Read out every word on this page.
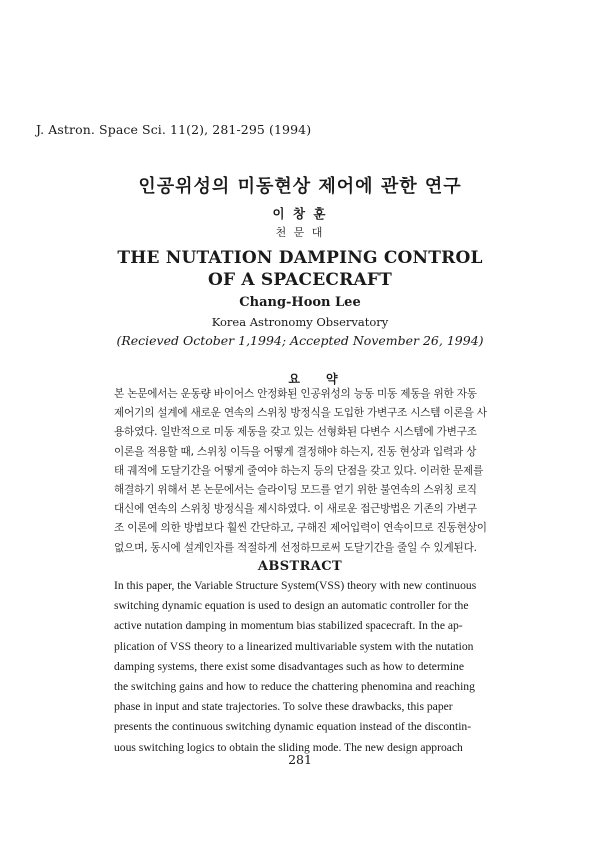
J. Astron. Space Sci. 11(2), 281-295 (1994)
인공위성의 미동현상 제어에 관한 연구
이 창 훈
천 문 대
THE NUTATION DAMPING CONTROL
OF A SPACECRAFT
Chang-Hoon Lee
Korea Astronomy Observatory
(Recieved October 1,1994; Accepted November 26, 1994)
요약
본 논문에서는 운동량 바이어스 안정화된 인공위성의 능동 미동 제동을 위한 자동
제어기의 설계에 새로운 연속의 스위칭 방정식을 도입한 가변구조 시스템 이론을 사
용하였다. 일반적으로 미동 제동을 갖고 있는 선형화된 다변수 시스템에 가변구조
이론을 적용할 때, 스위칭 이득을 어떻게 결정해야 하는지, 진동 현상과 입력과 상
태 궤적에 도달기간을 어떻게 줄여야 하는지 등의 단점을 갖고 있다. 이러한 문제를
해결하기 위해서 본 논문에서는 슬라이딩 모드를 얻기 위한 불연속의 스위칭 로직
대신에 연속의 스위칭 방정식을 제시하였다. 이 새로운 접근방법은 기존의 가변구
조 이론에 의한 방법보다 훨씬 간단하고, 구해진 제어입력이 연속이므로 진동현상이
없으며, 동시에 설계인자를 적절하게 선정하므로써 도달기간을 줄일 수 있게된다.
ABSTRACT
In this paper, the Variable Structure System(VSS) theory with new continuous
switching dynamic equation is used to design an automatic controller for the
active nutation damping in momentum bias stabilized spacecraft. In the ap-
plication of VSS theory to a linearized multivariable system with the nutation
damping systems, there exist some disadvantages such as how to determine
the switching gains and how to reduce the chattering phenomina and reaching
phase in input and state trajectories. To solve these drawbacks, this paper
presents the continuous switching dynamic equation instead of the discontin-
uous switching logics to obtain the sliding mode. The new design approach
281
